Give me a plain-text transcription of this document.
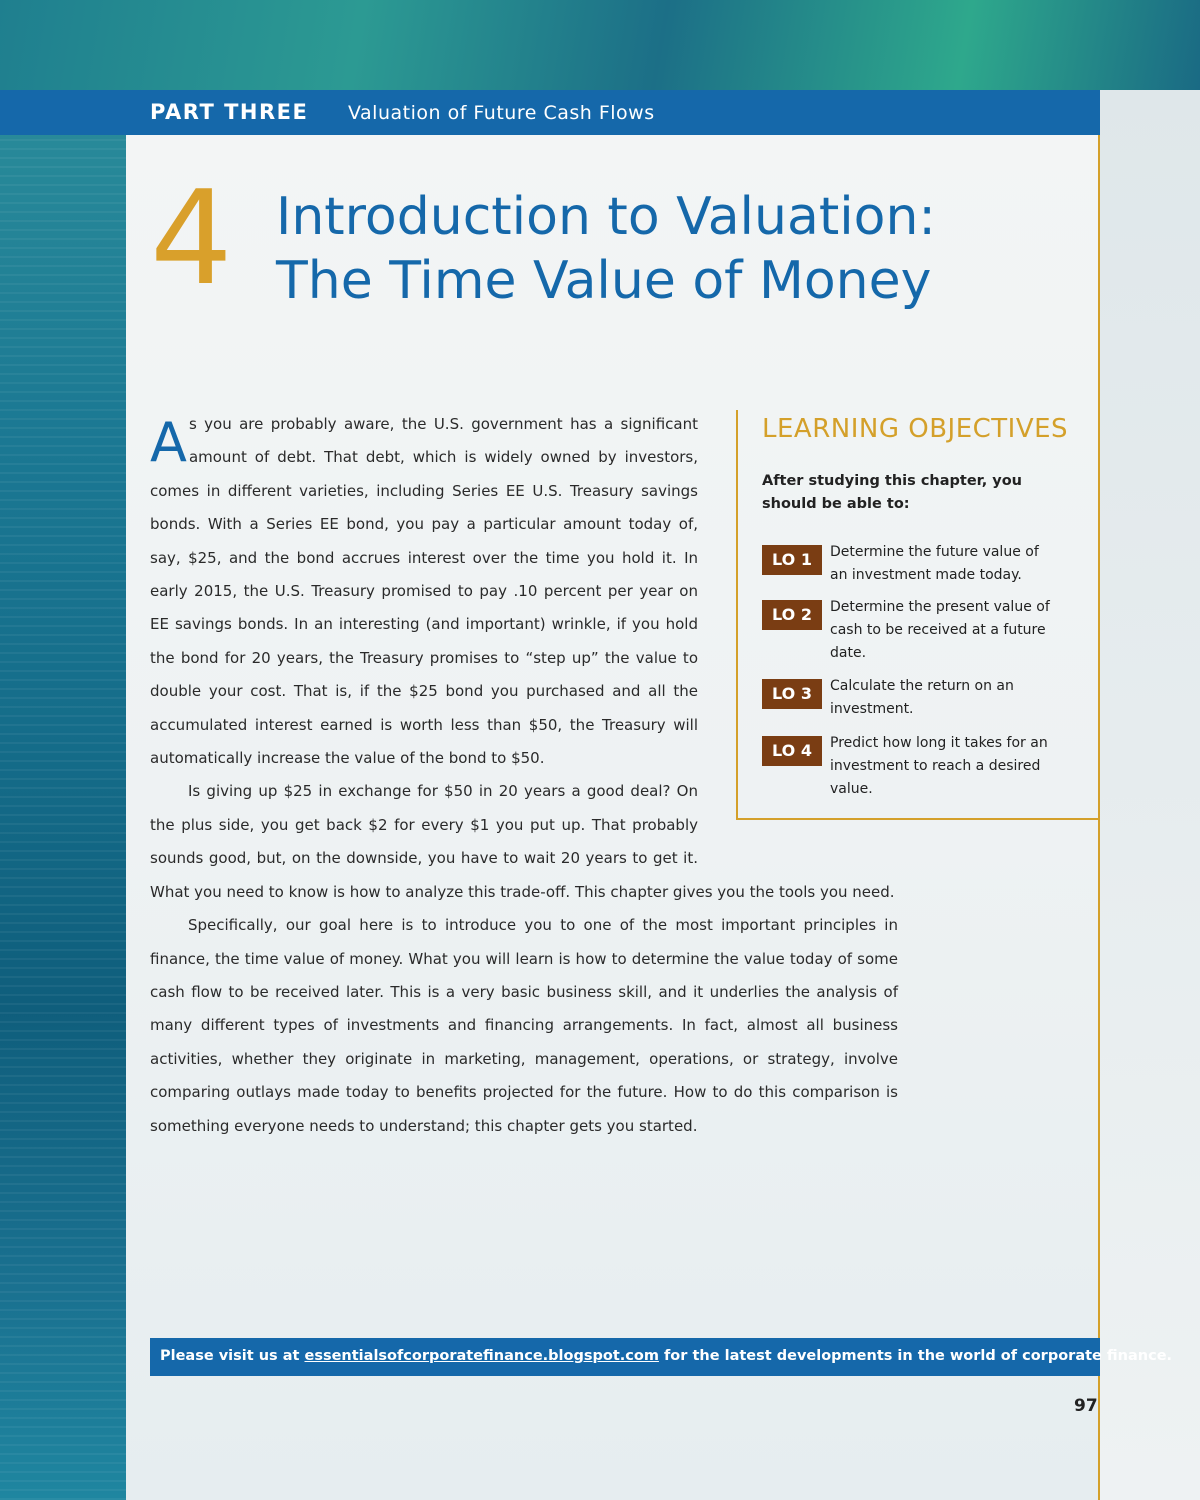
PART THREE Valuation of Future Cash Flows
4 Introduction to Valuation:
The Time Value of Money
LEARNING OBJECTIVES
After studying this chapter, you should be able to:
LO 1	Determine the future value of an investment made today.
LO 2	Determine the present value of cash to be received at a future date.
LO 3	Calculate the return on an investment.
LO 4	Predict how long it takes for an investment to reach a desired value.

As you are probably aware, the U.S. government has a significant amount of debt. That debt, which is widely owned by investors, comes in different varieties, including Series EE U.S. Treasury savings bonds. With a Series EE bond, you pay a particular amount today of, say, $25, and the bond accrues interest over the time you hold it. In early 2015, the U.S. Treasury promised to pay .10 percent per year on EE savings bonds. In an interesting (and important) wrinkle, if you hold the bond for 20 years, the Treasury promises to “step up” the value to double your cost. That is, if the $25 bond you purchased and all the accumulated interest earned is worth less than $50, the Treasury will automatically increase the value of the bond to $50.

Is giving up $25 in exchange for $50 in 20 years a good deal? On the plus side, you get back $2 for every $1 you put up. That probably sounds good, but, on the downside, you have to wait 20 years to get it. What you need to know is how to analyze this trade-off. This chapter gives you the tools you need.

Specifically, our goal here is to introduce you to one of the most important principles in finance, the time value of money. What you will learn is how to determine the value today of some cash flow to be received later. This is a very basic business skill, and it underlies the analysis of many different types of investments and financing arrangements. In fact, almost all business activities, whether they originate in marketing, management, operations, or strategy, involve comparing outlays made today to benefits projected for the future. How to do this comparison is something everyone needs to understand; this chapter gets you started.

Please visit us at essentialsofcorporatefinance.blogspot.com for the latest developments in the world of corporate finance.
97
